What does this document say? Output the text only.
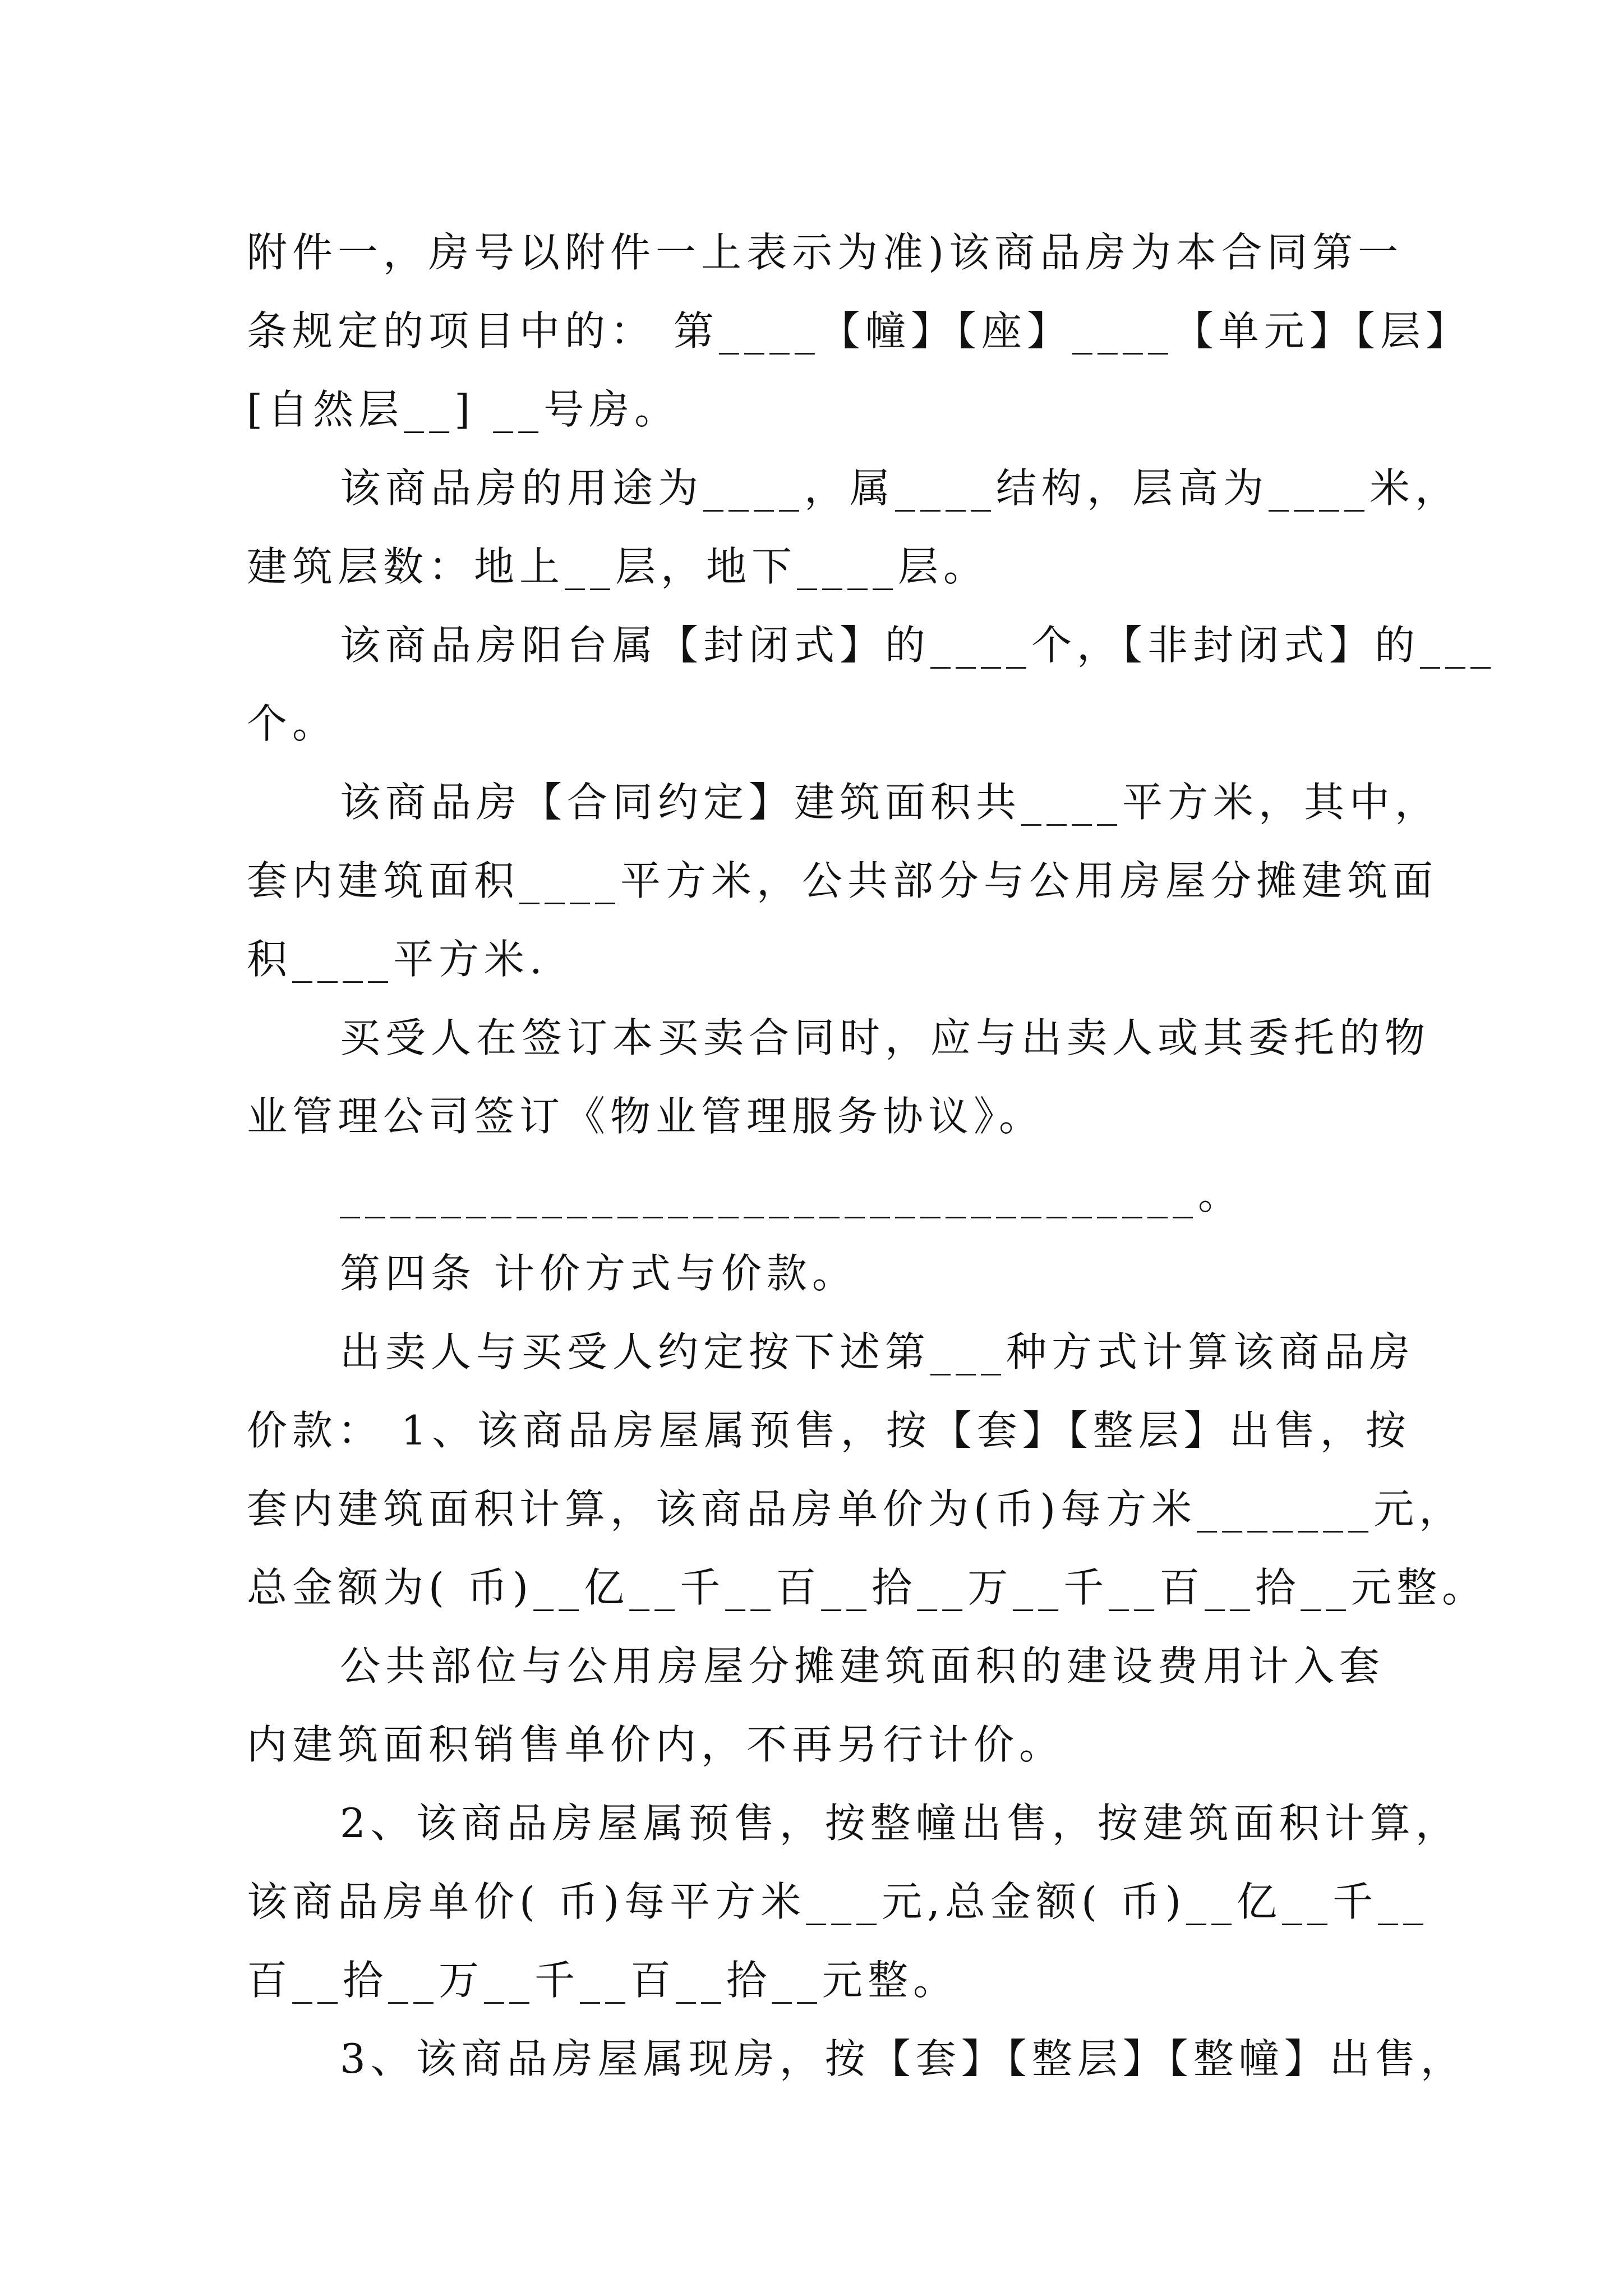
附件一，房号以附件一上表示为准)该商品房为本合同第一

条规定的项目中的： 第____【幢】【座】____【单元】【层】

[自然层__] __号房。

该商品房的用途为____，属____结构，层高为____米，

建筑层数：地上__层，地下____层。

该商品房阳台属【封闭式】的____个，【非封闭式】的___

个。

该商品房【合同约定】建筑面积共____平方米，其中，

套内建筑面积____平方米，公共部分与公用房屋分摊建筑面

积____平方米.

买受人在签订本买卖合同时，应与出卖人或其委托的物

业管理公司签订《物业管理服务协议》。

__________________________________。

第四条 计价方式与价款。

出卖人与买受人约定按下述第___种方式计算该商品房

价款： 1、该商品房屋属预售，按【套】【整层】出售，按

套内建筑面积计算，该商品房单价为(币)每方米_______元，

总金额为( 币)__亿__千__百__拾__万__千__百__拾__元整。

公共部位与公用房屋分摊建筑面积的建设费用计入套

内建筑面积销售单价内，不再另行计价。

2、该商品房屋属预售，按整幢出售，按建筑面积计算，

该商品房单价( 币)每平方米___元,总金额( 币)__亿__千__

百__拾__万__千__百__拾__元整。

3、该商品房屋属现房，按【套】【整层】【整幢】出售，
